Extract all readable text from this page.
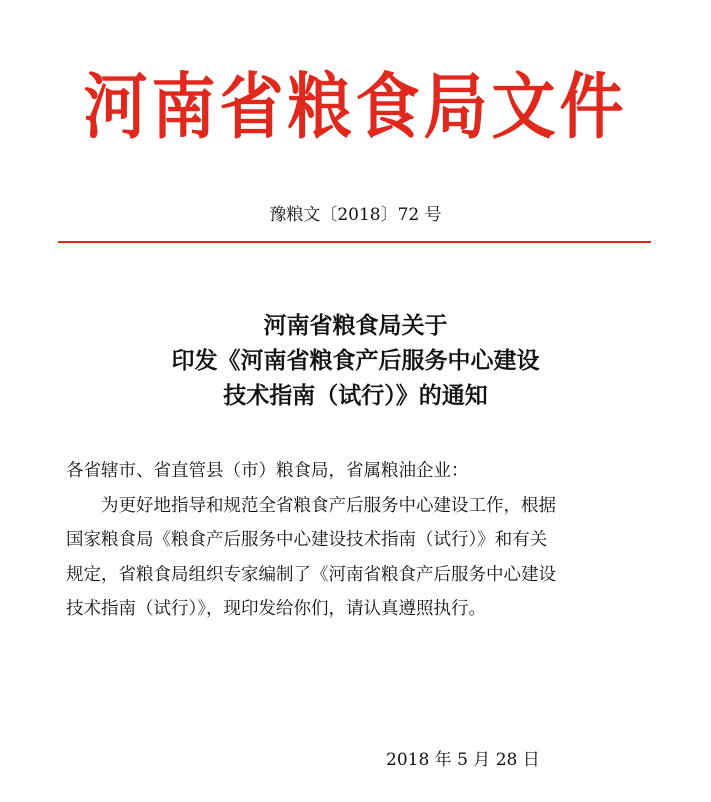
河南省粮食局文件
豫粮文〔2018〕72 号
河南省粮食局关于
印发《河南省粮食产后服务中心建设
技术指南（试行）》的通知

各省辖市、省直管县（市）粮食局，省属粮油企业：

为更好地指导和规范全省粮食产后服务中心建设工作，根据

国家粮食局《粮食产后服务中心建设技术指南（试行）》和有关

规定，省粮食局组织专家编制了《河南省粮食产后服务中心建设

技术指南（试行）》，现印发给你们，请认真遵照执行。

2018 年 5 月 28 日
